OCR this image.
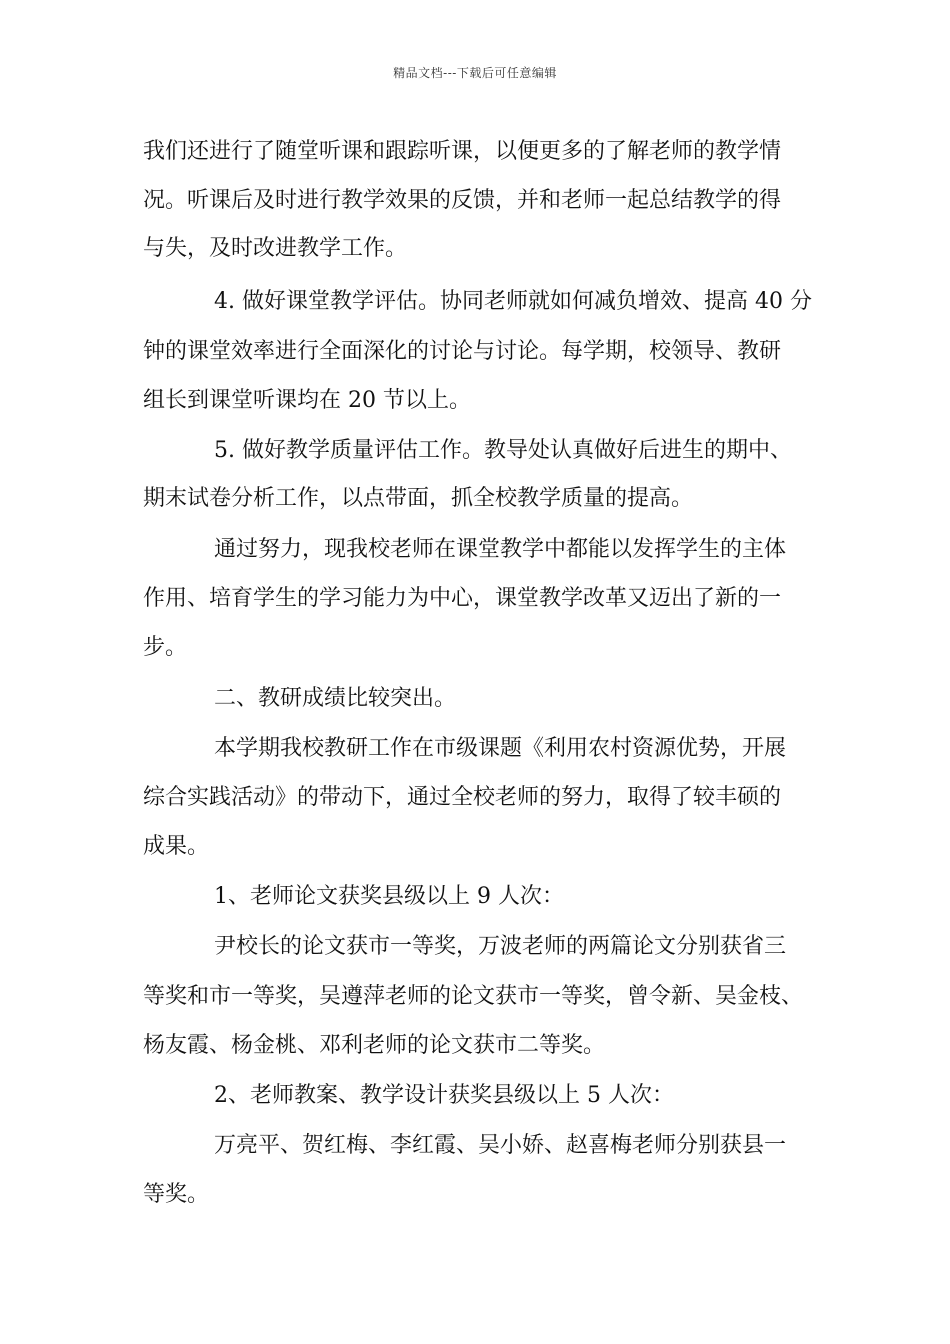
精品文档---下载后可任意编辑
我们还进行了随堂听课和跟踪听课，以便更多的了解老师的教学情
况。听课后及时进行教学效果的反馈，并和老师一起总结教学的得
与失，及时改进教学工作。
4. 做好课堂教学评估。协同老师就如何减负增效、提高 40 分
钟的课堂效率进行全面深化的讨论与讨论。每学期，校领导、教研
组长到课堂听课均在 20 节以上。
5. 做好教学质量评估工作。教导处认真做好后进生的期中、
期末试卷分析工作，以点带面，抓全校教学质量的提高。
通过努力，现我校老师在课堂教学中都能以发挥学生的主体
作用、培育学生的学习能力为中心，课堂教学改革又迈出了新的一
步。
二、教研成绩比较突出。
本学期我校教研工作在市级课题《利用农村资源优势，开展
综合实践活动》的带动下，通过全校老师的努力，取得了较丰硕的
成果。
1、老师论文获奖县级以上 9 人次：
尹校长的论文获市一等奖，万波老师的两篇论文分别获省三
等奖和市一等奖，吴遵萍老师的论文获市一等奖，曾令新、吴金枝、
杨友霞、杨金桃、邓利老师的论文获市二等奖。
2、老师教案、教学设计获奖县级以上 5 人次：
万亮平、贺红梅、李红霞、吴小娇、赵喜梅老师分别获县一
等奖。
